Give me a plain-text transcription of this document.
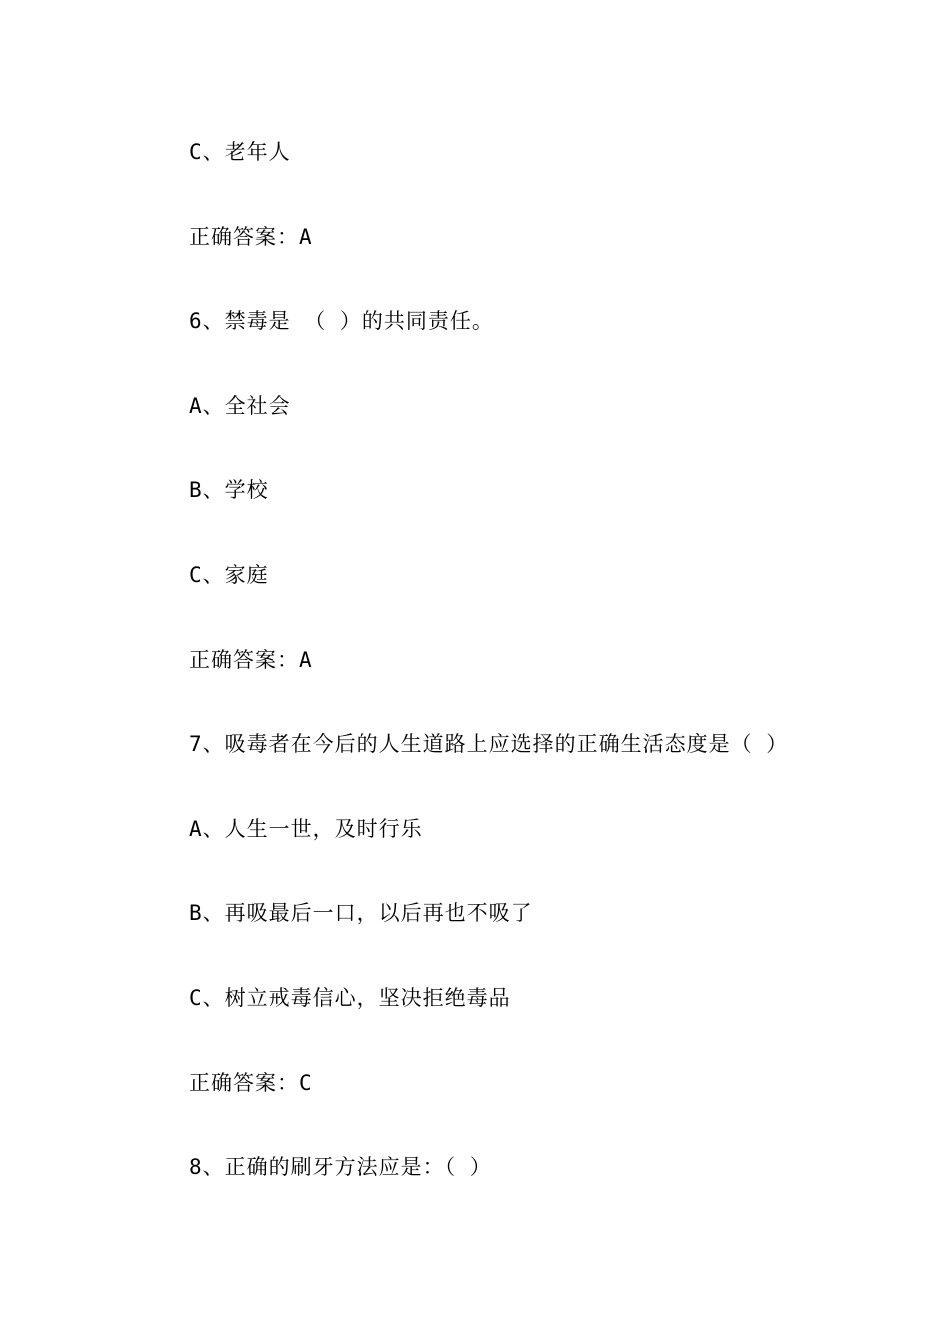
C、老年人
正确答案：A
6、禁毒是 （ ）的共同责任。
A、全社会
B、学校
C、家庭
正确答案：A
7、吸毒者在今后的人生道路上应选择的正确生活态度是（ ）
A、人生一世，及时行乐
B、再吸最后一口，以后再也不吸了
C、树立戒毒信心，坚决拒绝毒品
正确答案：C
8、正确的刷牙方法应是：（ ）
